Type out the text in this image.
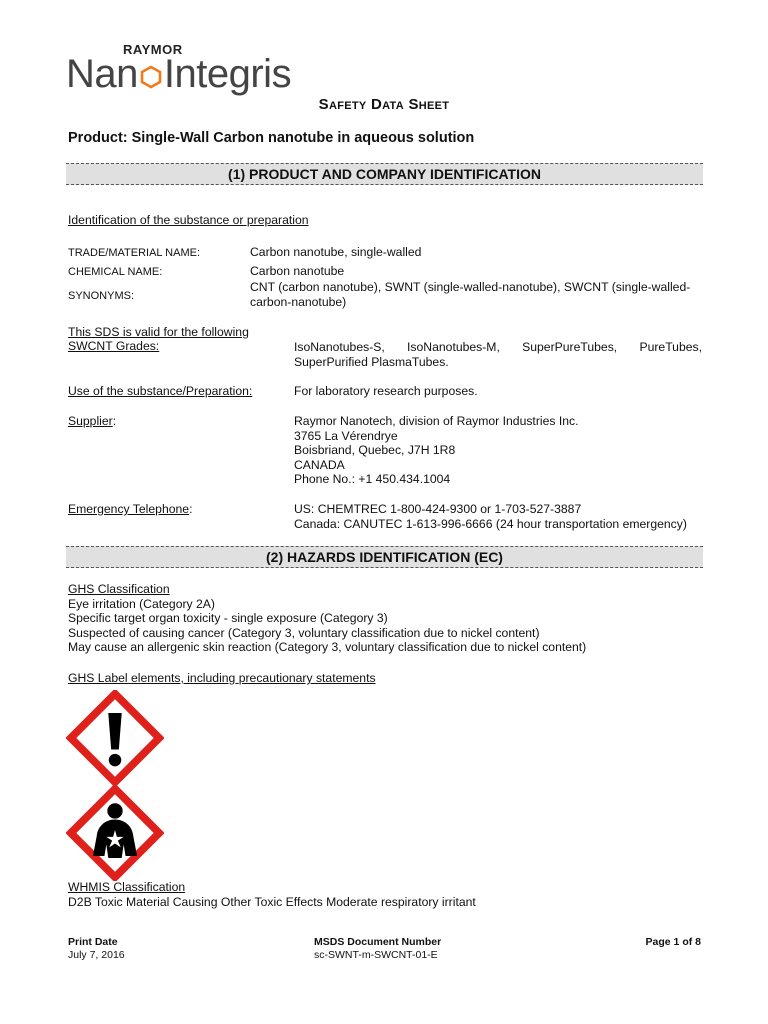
RAYMOR
Nan Integris
Safety Data Sheet
Product: Single-Wall Carbon nanotube in aqueous solution
(1) PRODUCT AND COMPANY IDENTIFICATION
Identification of the substance or preparation
TRADE/MATERIAL NAME:	Carbon nanotube, single-walled
CHEMICAL NAME:	Carbon nanotube
SYNONYMS:
CNT (carbon nanotube), SWNT (single-walled-nanotube), SWCNT (single-walled-
carbon-nanotube)
This SDS is valid for the following
SWCNT Grades:	IsoNanotubes-S,    IsoNanotubes-M,    SuperPureTubes,    PureTubes,
SuperPurified PlasmaTubes.
Use of the substance/Preparation:	For laboratory research purposes.
Supplier:	Raymor Nanotech, division of Raymor Industries Inc.
3765 La Vérendrye
Boisbriand, Quebec, J7H 1R8
CANADA
Phone No.: +1 450.434.1004
Emergency Telephone:	US: CHEMTREC 1-800-424-9300 or 1-703-527-3887
Canada: CANUTEC 1-613-996-6666 (24 hour transportation emergency)
(2) HAZARDS IDENTIFICATION (EC)
GHS Classification
Eye irritation (Category 2A)
Specific target organ toxicity - single exposure (Category 3)
Suspected of causing cancer (Category 3, voluntary classification due to nickel content)
May cause an allergenic skin reaction (Category 3, voluntary classification due to nickel content)
GHS Label elements, including precautionary statements
WHMIS Classification
D2B Toxic Material Causing Other Toxic Effects Moderate respiratory irritant
Print Date
July 7, 2016
MSDS Document Number
sc-SWNT-m-SWCNT-01-E
Page 1 of 8
